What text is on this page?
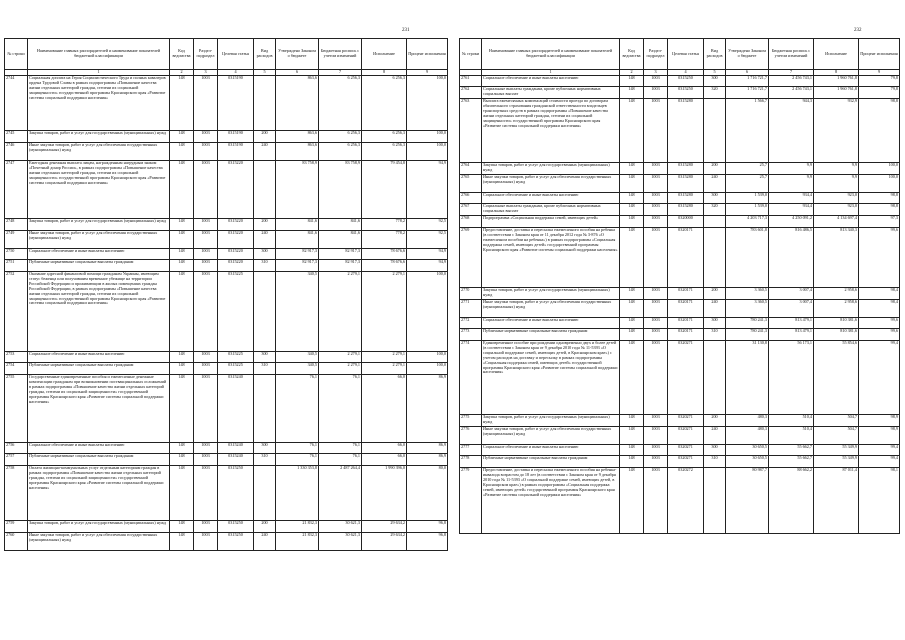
231
№ строки	Наименование главных распорядителей и наименование показателей бюджетной классификации	Код ведомства	Раздел-подраздел	Целевая статья	Вид расходов	Утверждено Законом о бюджете	Бюджетная роспись с учетом изменений	Исполнение	Процент исполнения
	1	2	3	4	5	6	7	8	9
2744	Социальная доплата на Героя Социалистического Труда и полных кавалеров ордена Трудовой Славы в рамках подпрограммы «Повышение качества жизни отдельных категорий граждан, степени их социальной защищенности» государственной программы Красноярского края «Развитие системы социальной поддержки населения»	148	1003	0315190		863,6	6 256,3	6 256,3	100,0
2745	Закупка товаров, работ и услуг для государственных (муниципальных) нужд	148	1003	0315190	200	863,6	6 256,3	6 256,3	100,0
2746	Иные закупки товаров, работ и услуг для обеспечения государственных (муниципальных) нужд	148	1003	0315190	240	863,6	6 256,3	6 256,3	100,0
2747	Ежегодная денежная выплата лицам, награжденным нагрудным знаком «Почетный донор России», в рамках подпрограммы «Повышение качества жизни отдельных категорий граждан, степени их социальной защищенности» государственной программы Красноярского края «Развитие системы социальной поддержки населения»	148	1003	0315220		83 758,9	83 758,9	79 454,8	94,9
2748	Закупка товаров, работ и услуг для государственных (муниципальных) нужд	148	1003	0315220	200	841,6	841,6	778,2	92,5
2749	Иные закупки товаров, работ и услуг для обеспечения государственных (муниципальных) нужд	148	1003	0315220	240	841,6	841,6	778,2	92,5
2750	Социальное обеспечение и иные выплаты населению	148	1003	0315220	300	82 917,3	82 917,3	78 676,6	94,9
2751	Публичные нормативные социальные выплаты гражданам	148	1003	0315220	310	82 917,3	82 917,3	78 676,6	94,9
2752	Оказание адресной финансовой помощи гражданам Украины, имеющим статус беженца или получившим временное убежище на территории Российской Федерации и проживающим в жилых помещениях граждан Российской Федерации, в рамках подпрограммы «Повышение качества жизни отдельных категорий граждан, степени их социальной защищенности» государственной программы Красноярского края «Развитие системы социальной поддержки населения»	148	1003	0315225		340,5	2 279,1	2 279,1	100,0
2753	Социальное обеспечение и иные выплаты населению	148	1003	0315225	300	340,5	2 279,1	2 279,1	100,0
2754	Публичные нормативные социальные выплаты гражданам	148	1003	0315225	310	340,5	2 279,1	2 279,1	100,0
2755	Государственные единовременные пособия и ежемесячные денежные компенсации гражданам при возникновении поствакцинальных осложнений в рамках подпрограммы «Повышение качества жизни отдельных категорий граждан, степени их социальной защищенности» государственной программы Красноярского края «Развитие системы социальной поддержки населения»	148	1003	0315240		76,1	76,1	66,0	86,9
2756	Социальное обеспечение и иные выплаты населению	148	1003	0315240	300	76,1	76,1	66,0	86,9
2757	Публичные нормативные социальные выплаты гражданам	148	1003	0315240	310	76,1	76,1	66,0	86,9
2758	Оплата жилищно-коммунальных услуг отдельным категориям граждан в рамках подпрограммы «Повышение качества жизни отдельных категорий граждан, степени их социальной защищенности» государственной программы Красноярского края «Развитие системы социальной поддержки населения»	148	1003	0315250		1 330 353,8	2 487 264,4	1 990 396,0	80,0
2759	Закупка товаров, работ и услуг для государственных (муниципальных) нужд	148	1003	0315250	200	21 832,3	30 621,3	29 634,2	96,8
2760	Иные закупки товаров, работ и услуг для обеспечения государственных (муниципальных) нужд	148	1003	0315250	240	21 832,3	30 621,3	29 634,2	96,8
232
№ строки	Наименование главных распорядителей и наименование показателей бюджетной классификации	Код ведомства	Раздел-подраздел	Целевая статья	Вид расходов	Утверждено Законом о бюджете	Бюджетная роспись с учетом изменений	Исполнение	Процент исполнения
	1	2	3	4	5	6	7	8	9
2761	Социальное обеспечение и иные выплаты населению	148	1003	0315250	300	1 716 721,7	2 456 743,1	1 960 761,8	79,8
2762	Социальные выплаты гражданам, кроме публичных нормативных социальных выплат	148	1003	0315250	320	1 716 721,7	2 456 743,1	1 960 761,8	79,8
2763	Выплата ежемесячных компенсаций стоимости проезда по договорам обязательного страхования гражданской ответственности владельцев транспортных средств в рамках подпрограммы «Повышение качества жизни отдельных категорий граждан, степени их социальной защищенности» государственной программы Красноярского края «Развитие системы социальной поддержки населения»	148	1003	0315280		1 566,7	944,3	932,9	98,8
2764	Закупка товаров, работ и услуг для государственных (муниципальных) нужд	148	1003	0315280	200	25,7	9,9	9,9	100,0
2765	Иные закупки товаров, работ и услуг для обеспечения государственных (муниципальных) нужд	148	1003	0315280	240	25,7	9,9	9,9	100,0
2766	Социальное обеспечение и иные выплаты населению	148	1003	0315280	300	1 539,0	934,4	923,0	98,8
2767	Социальные выплаты гражданам, кроме публичных нормативных социальных выплат	148	1003	0315280	320	1 539,0	934,4	923,0	98,8
2768	Подпрограмма «Социальная поддержка семей, имеющих детей»	148	1003	0320000		4 203 717,3	4 250 091,2	4 134 697,4	97,3
2769	Предоставление, доставка и пересылка ежемесячного пособия на ребенка (в соответствии с Законом края от 11 декабря 2012 года № 3-876 «О ежемесячном пособии на ребенка») в рамках подпрограммы «Социальная поддержка семей, имеющих детей» государственной программы Красноярского края «Развитие системы социальной поддержки населения»	148	1003	0320171		783 601,8	816 486,5	813 340,3	99,6
2770	Закупка товаров, работ и услуг для государственных (муниципальных) нужд	148	1003	0320171	200	3 360,5	3 007,4	2 958,6	98,4
2771	Иные закупки товаров, работ и услуг для обеспечения государственных (муниципальных) нужд	148	1003	0320171	240	3 360,5	3 007,4	2 958,6	98,4
2772	Социальное обеспечение и иные выплаты населению	148	1003	0320171	300	780 241,3	813 479,1	810 381,6	99,6
2773	Публичные нормативные социальные выплаты гражданам	148	1003	0320171	310	780 241,3	813 479,1	810 381,6	99,6
2774	Единовременное пособие при рождении одновременно двух и более детей (в соответствии с Законом края от 9 декабря 2010 года № 11-5393 «О социальной поддержке семей, имеющих детей, в Красноярском крае») с учетом расходов на доставку и пересылку в рамках подпрограммы «Социальная поддержка семей, имеющих детей» государственной программы Красноярского края «Развитие системы социальной поддержки населения»	148	1003	0320271		31 130,8	56 173,1	55 854,6	99,4
2775	Закупка товаров, работ и услуг для государственных (муниципальных) нужд	148	1003	0320271	200	480,3	510,4	504,7	98,9
2776	Иные закупки товаров, работ и услуг для обеспечения государственных (муниципальных) нужд	148	1003	0320271	240	480,3	510,4	504,7	98,9
2777	Социальное обеспечение и иные выплаты населению	148	1003	0320271	300	30 650,5	55 662,7	55 349,9	99,4
2778	Публичные нормативные социальные выплаты гражданам	148	1003	0320271	310	30 650,5	55 662,7	55 349,9	99,4
2779	Предоставление, доставка и пересылка ежемесячного пособия на ребенка-инвалида возрастом до 18 лет (в соответствии с Законом края от 9 декабря 2010 года № 11-5393 «О социальной поддержке семей, имеющих детей, в Красноярском крае») в рамках подпрограммы «Социальная поддержка семей, имеющих детей» государственной программы Красноярского края «Развитие системы социальной поддержки населения»	148	1003	0320272		80 987,7	88 662,2	87 011,4	98,1
